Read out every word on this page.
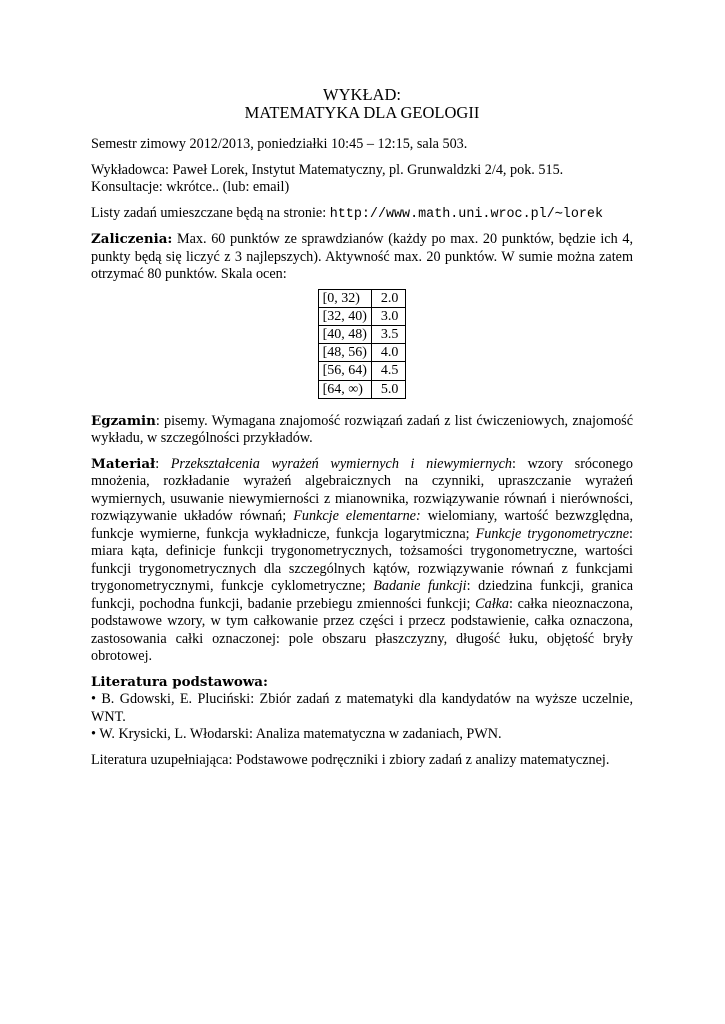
WYKŁAD:
MATEMATYKA DLA GEOLOGII

Semestr zimowy 2012/2013, poniedziałki 10:45 – 12:15, sala 503.

Wykładowca: Paweł Lorek, Instytut Matematyczny, pl. Grunwaldzki 2/4, pok. 515.
Konsultacje: wkrótce.. (lub: email)

Listy zadań umieszczane będą na stronie: http://www.math.uni.wroc.pl/∼lorek

Zaliczenia: Max. 60 punktów ze sprawdzianów (każdy po max. 20 punktów, będzie ich 4, punkty będą się liczyć z 3 najlepszych). Aktywność max. 20 punktów. W sumie można zatem otrzymać 80 punktów. Skala ocen:

[0, 32)	2.0
[32, 40)	3.0
[40, 48)	3.5
[48, 56)	4.0
[56, 64)	4.5
[64, ∞)	5.0

Egzamin: pisemy. Wymagana znajomość rozwiązań zadań z list ćwiczeniowych, znajomość wykładu, w szczególności przykładów.

Materiał: Przekształcenia wyrażeń wymiernych i niewymiernych: wzory sróconego mnożenia, rozkładanie wyrażeń algebraicznych na czynniki, upraszczanie wyrażeń wymiernych, usuwanie niewymierności z mianownika, rozwiązywanie równań i nierówności, rozwiązywanie układów równań; Funkcje elementarne: wielomiany, wartość bezwzględna, funkcje wymierne, funkcja wykładnicze, funkcja logarytmiczna; Funkcje trygonometryczne: miara kąta, definicje funkcji trygonometrycznych, tożsamości trygonometryczne, wartości funkcji trygonometrycznych dla szczególnych kątów, rozwiązywanie równań z funkcjami trygonometrycznymi, funkcje cyklometryczne; Badanie funkcji: dziedzina funkcji, granica funkcji, pochodna funkcji, badanie przebiegu zmienności funkcji; Całka: całka nieoznaczona, podstawowe wzory, w tym całkowanie przez części i przecz podstawienie, całka oznaczona, zastosowania całki oznaczonej: pole obszaru płaszczyzny, długość łuku, objętość bryły obrotowej.

Literatura podstawowa:
• B. Gdowski, E. Pluciński: Zbiór zadań z matematyki dla kandydatów na wyższe uczelnie, WNT.
• W. Krysicki, L. Włodarski: Analiza matematyczna w zadaniach, PWN.

Literatura uzupełniająca: Podstawowe podręczniki i zbiory zadań z analizy matematycznej.
